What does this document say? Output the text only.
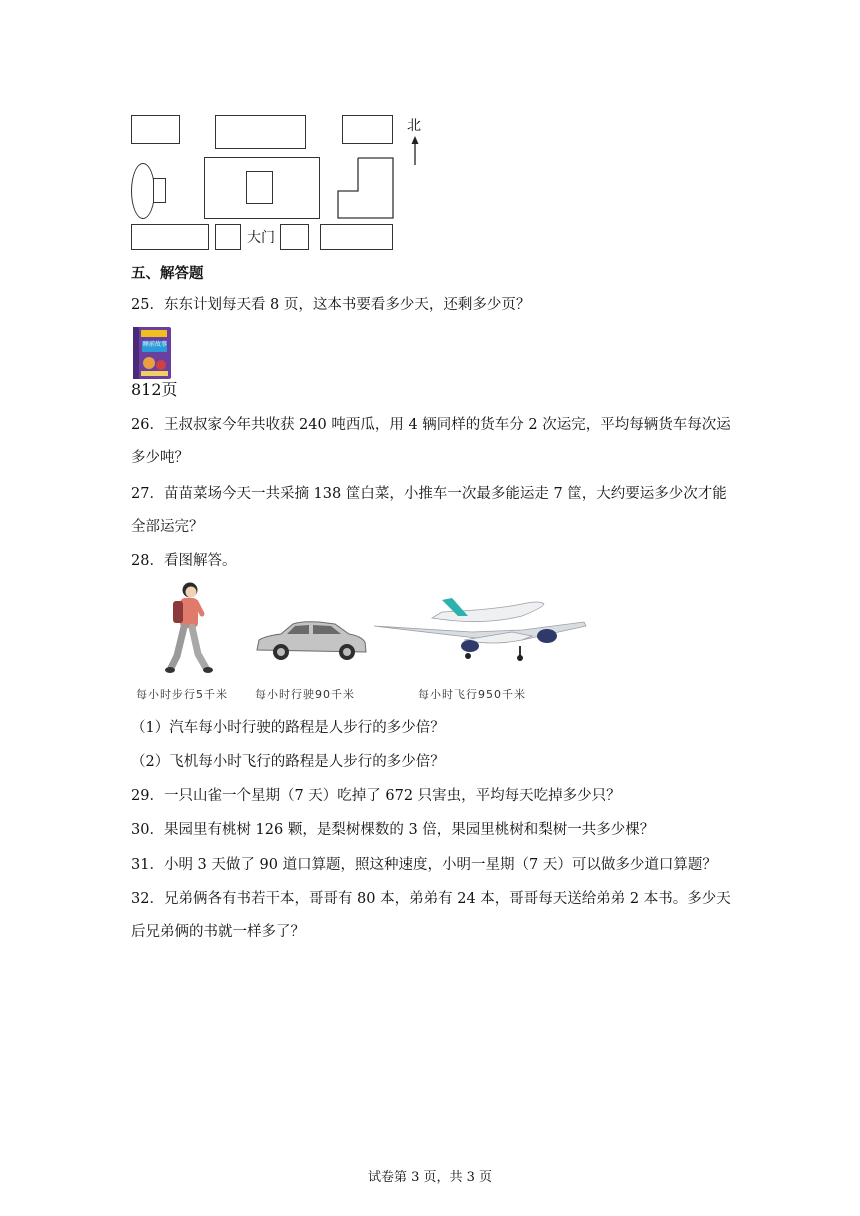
大门
北
五、解答题
25．东东计划每天看 8 页，这本书要看多少天，还剩多少页？
睡前故事
812页
26．王叔叔家今年共收获 240 吨西瓜，用 4 辆同样的货车分 2 次运完，平均每辆货车每次运
多少吨？
27．苗苗菜场今天一共采摘 138 筐白菜，小推车一次最多能运走 7 筐，大约要运多少次才能
全部运完？
28．看图解答。
每小时步行5千米 每小时行驶90千米	每小时飞行950千米
（1）汽车每小时行驶的路程是人步行的多少倍？
（2）飞机每小时飞行的路程是人步行的多少倍？
29．一只山雀一个星期（7 天）吃掉了 672 只害虫，平均每天吃掉多少只？
30．果园里有桃树 126 颗，是梨树棵数的 3 倍，果园里桃树和梨树一共多少棵？
31．小明 3 天做了 90 道口算题，照这种速度，小明一星期（7 天）可以做多少道口算题？
32．兄弟俩各有书若干本，哥哥有 80 本，弟弟有 24 本，哥哥每天送给弟弟 2 本书。多少天
后兄弟俩的书就一样多了？
试卷第 3 页，共 3 页
